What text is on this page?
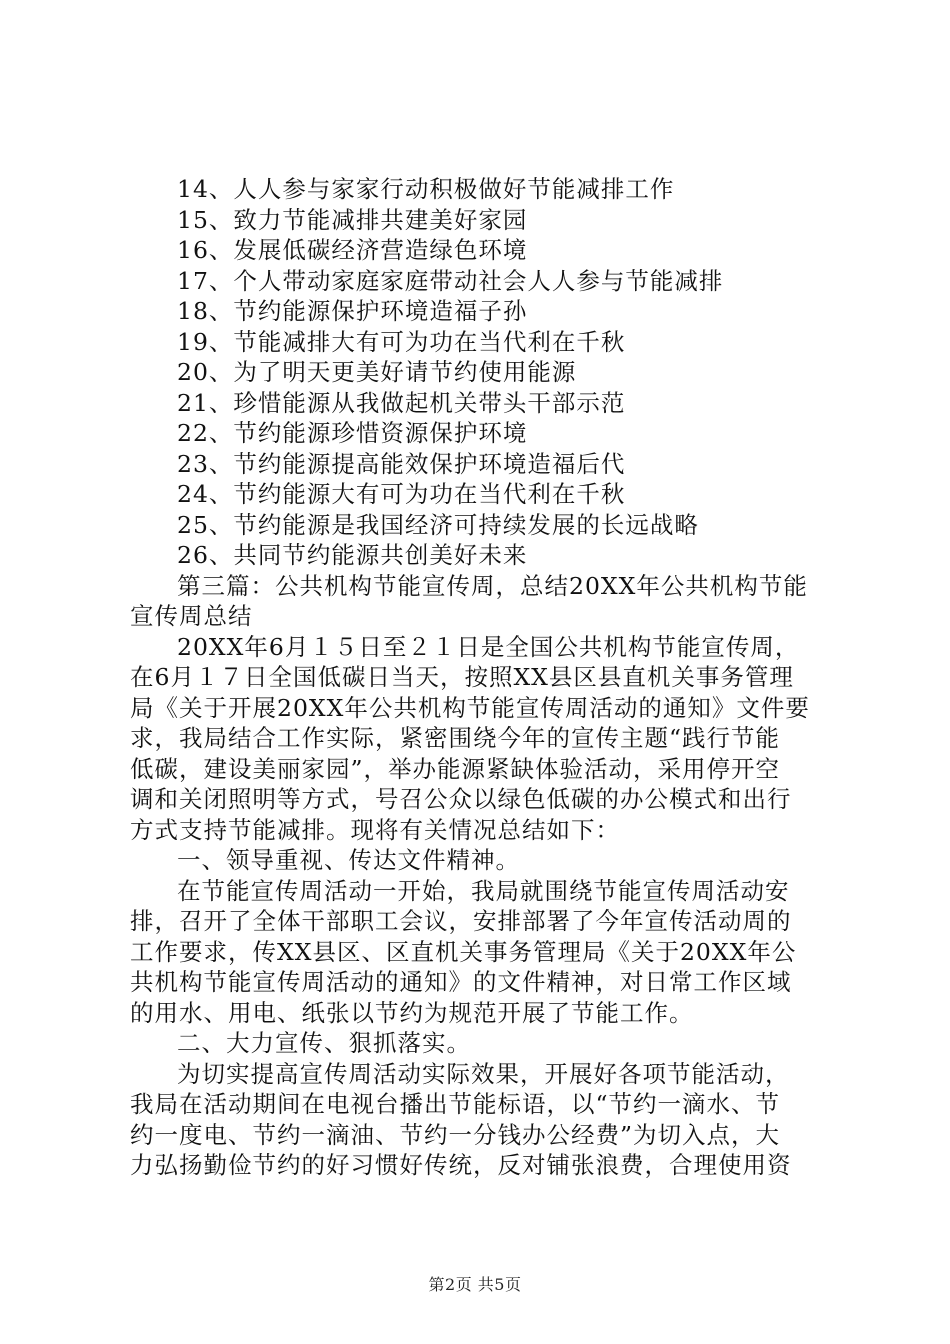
14、人人参与家家行动积极做好节能减排工作
15、致力节能减排共建美好家园
16、发展低碳经济营造绿色环境
17、个人带动家庭家庭带动社会人人参与节能减排
18、节约能源保护环境造福子孙
19、节能减排大有可为功在当代利在千秋
20、为了明天更美好请节约使用能源
21、珍惜能源从我做起机关带头干部示范
22、节约能源珍惜资源保护环境
23、节约能源提高能效保护环境造福后代
24、节约能源大有可为功在当代利在千秋
25、节约能源是我国经济可持续发展的长远战略
26、共同节约能源共创美好未来
第三篇：公共机构节能宣传周，总结20XX年公共机构节能
宣传周总结
20XX年6月１５日至２１日是全国公共机构节能宣传周，
在6月１７日全国低碳日当天，按照XX县区县直机关事务管理
局《关于开展20XX年公共机构节能宣传周活动的通知》文件要
求，我局结合工作实际，紧密围绕今年的宣传主题“践行节能
低碳，建设美丽家园”，举办能源紧缺体验活动，采用停开空
调和关闭照明等方式，号召公众以绿色低碳的办公模式和出行
方式支持节能减排。现将有关情况总结如下：
一、领导重视、传达文件精神。
在节能宣传周活动一开始，我局就围绕节能宣传周活动安
排，召开了全体干部职工会议，安排部署了今年宣传活动周的
工作要求，传XX县区、区直机关事务管理局《关于20XX年公
共机构节能宣传周活动的通知》的文件精神，对日常工作区域
的用水、用电、纸张以节约为规范开展了节能工作。
二、大力宣传、狠抓落实。
为切实提高宣传周活动实际效果，开展好各项节能活动，
我局在活动期间在电视台播出节能标语，以“节约一滴水、节
约一度电、节约一滴油、节约一分钱办公经费”为切入点，大
力弘扬勤俭节约的好习惯好传统，反对铺张浪费，合理使用资
第2页 共5页
